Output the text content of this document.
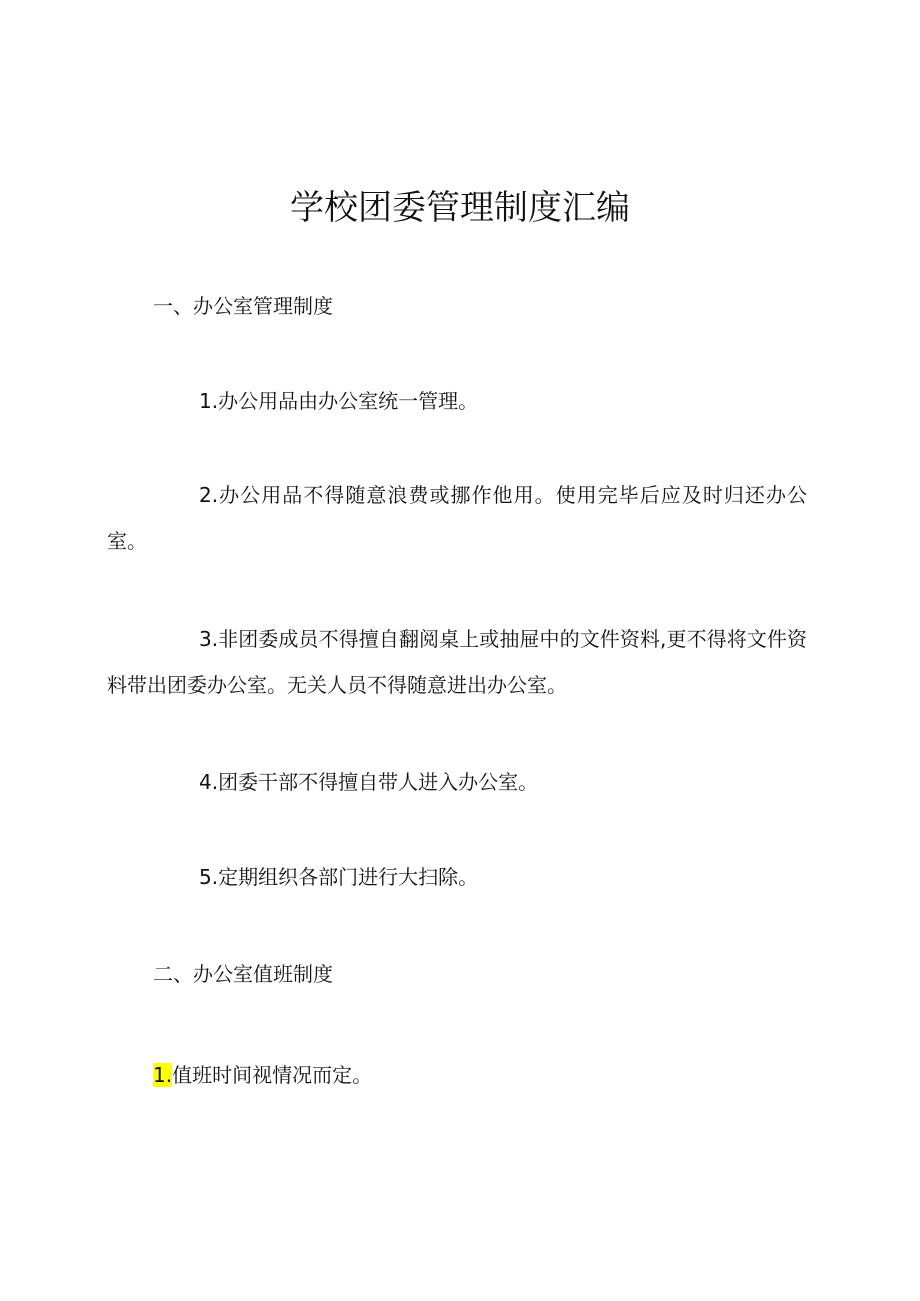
学校团委管理制度汇编
一、办公室管理制度
1.办公用品由办公室统一管理。
2.办公用品不得随意浪费或挪作他用。使用完毕后应及时归还办公室。
3.非团委成员不得擅自翻阅桌上或抽屉中的文件资料,更不得将文件资料带出团委办公室。无关人员不得随意进出办公室。
4.团委干部不得擅自带人进入办公室。
5.定期组织各部门进行大扫除。
二、办公室值班制度
1.值班时间视情况而定。
